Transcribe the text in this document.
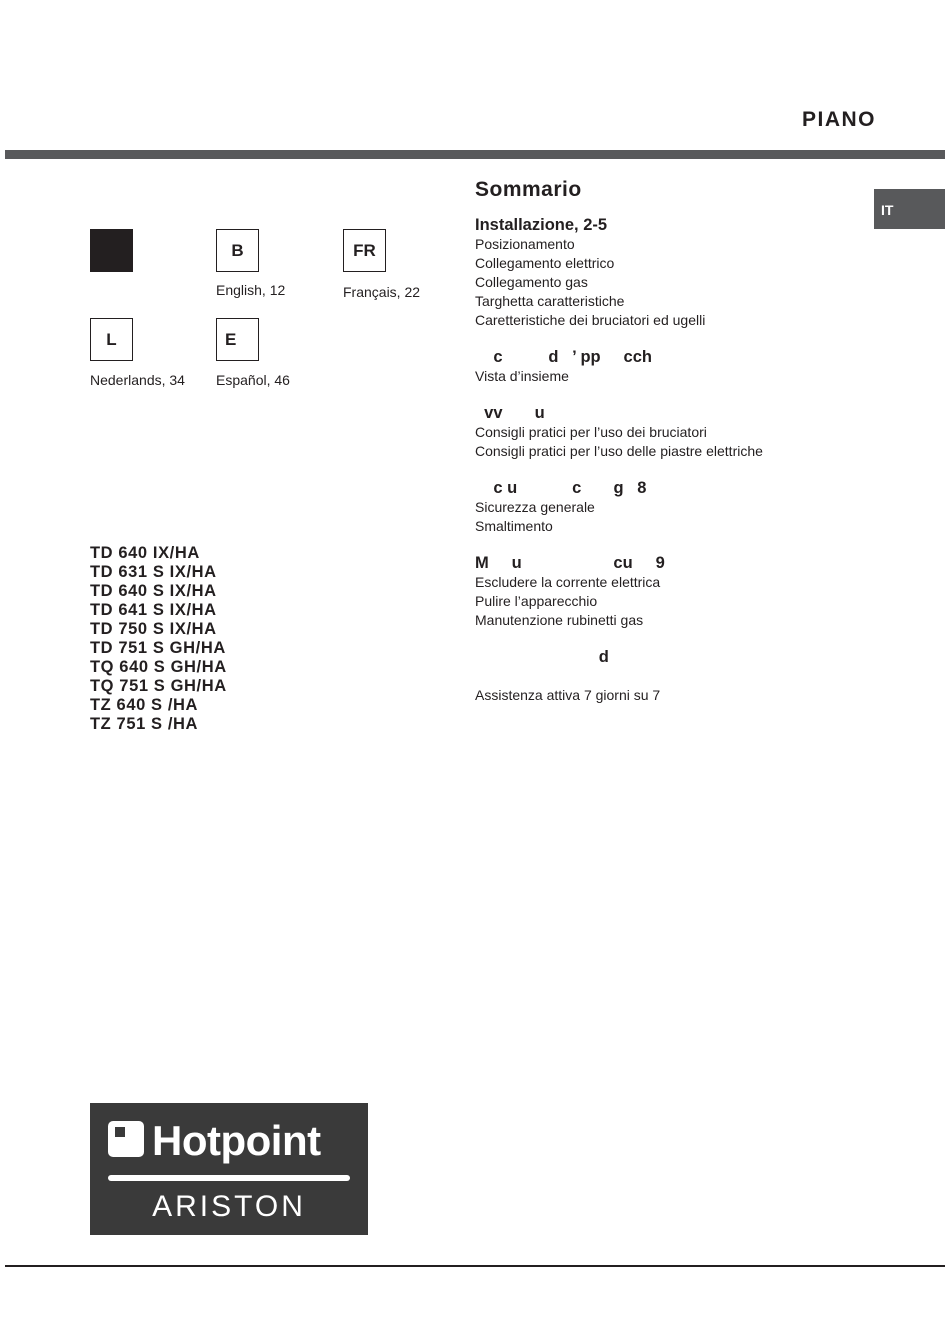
PIANO
IT
B
English, 12
FR
Français, 22
L
Nederlands, 34
E
Español, 46
TD 640 IX/HA
TD 631 S IX/HA
TD 640 S IX/HA
TD 641 S IX/HA
TD 750 S IX/HA
TD 751 S GH/HA
TQ 640 S GH/HA
TQ 751 S GH/HA
TZ 640 S /HA
TZ 751 S /HA
Sommario
Installazione, 2-5
Posizionamento
Collegamento elettrico
Collegamento gas
Targhetta caratteristiche
Caretteristiche dei bruciatori ed ugelli
c          d   ’ pp     cch
Vista d’insieme
vv       u
Consigli pratici per l’uso dei bruciatori
Consigli pratici per l’uso delle piastre elettriche
c u            c       g   8
Sicurezza generale
Smaltimento
M     u                    cu     9
Escludere la corrente elettrica
Pulire l’apparecchio
Manutenzione rubinetti gas
d
Assistenza attiva 7 giorni su 7
Hotpoint
ARISTON
